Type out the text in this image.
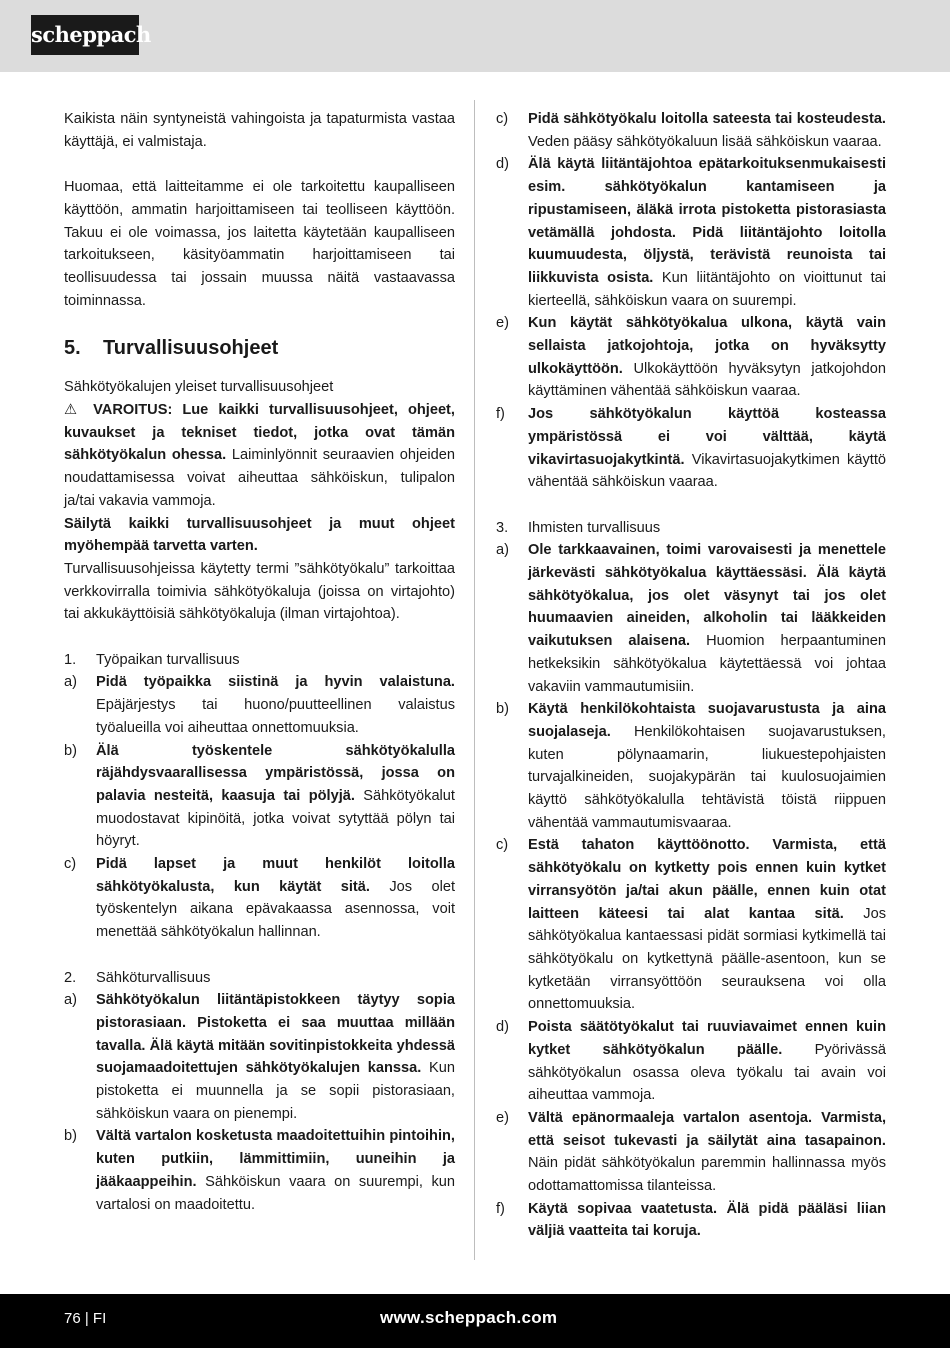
scheppach

Kaikista näin syntyneistä vahingoista ja tapaturmista vastaa käyttäjä, ei valmistaja.

Huomaa, että laitteitamme ei ole tarkoitettu kaupalliseen käyttöön, ammatin harjoittamiseen tai teolliseen käyttöön. Takuu ei ole voimassa, jos laitetta käytetään kaupalliseen tarkoitukseen, käsityöammatin harjoittamiseen tai teollisuudessa tai jossain muussa näitä vastaavassa toiminnassa.

5. Turvallisuusohjeet

Sähkötyökalujen yleiset turvallisuusohjeet

⚠ VAROITUS: Lue kaikki turvallisuusohjeet, ohjeet, kuvaukset ja tekniset tiedot, jotka ovat tämän sähkötyökalun ohessa. Laiminlyönnit seuraavien ohjeiden noudattamisessa voivat aiheuttaa sähköiskun, tulipalon ja/tai vakavia vammoja.

Säilytä kaikki turvallisuusohjeet ja muut ohjeet myöhempää tarvetta varten.

Turvallisuusohjeissa käytetty termi ”sähkötyökalu” tarkoittaa verkkovirralla toimivia sähkötyökaluja (joissa on virtajohto) tai akkukäyttöisiä sähkötyökaluja (ilman virtajohtoa).

1.	Työpaikan turvallisuus
a)	Pidä työpaikka siistinä ja hyvin valaistuna. Epäjärjestys tai huono/puutteellinen valaistus työalueilla voi aiheuttaa onnettomuuksia.
b)	Älä työskentele sähkötyökalulla räjähdysvaarallisessa ympäristössä, jossa on palavia nesteitä, kaasuja tai pölyjä. Sähkötyökalut muodostavat kipinöitä, jotka voivat sytyttää pölyn tai höyryt.
c)	Pidä lapset ja muut henkilöt loitolla sähkötyökalusta, kun käytät sitä. Jos olet työskentelyn aikana epävakaassa asennossa, voit menettää sähkötyökalun hallinnan.
2.	Sähköturvallisuus
a)	Sähkötyökalun liitäntäpistokkeen täytyy sopia pistorasiaan. Pistoketta ei saa muuttaa millään tavalla. Älä käytä mitään sovitinpistokkeita yhdessä suojamaadoitettujen sähkötyökalujen kanssa. Kun pistoketta ei muunnella ja se sopii pistorasiaan, sähköiskun vaara on pienempi.
b)	Vältä vartalon kosketusta maadoitettuihin pintoihin, kuten putkiin, lämmittimiin, uuneihin ja jääkaappeihin. Sähköiskun vaara on suurempi, kun vartalosi on maadoitettu.
c)	Pidä sähkötyökalu loitolla sateesta tai kosteudesta. Veden pääsy sähkötyökaluun lisää sähköiskun vaaraa.
d)	Älä käytä liitäntäjohtoa epätarkoituksenmukaisesti esim. sähkötyökalun kantamiseen ja ripustamiseen, äläkä irrota pistoketta pistorasiasta vetämällä johdosta. Pidä liitäntäjohto loitolla kuumuudesta, öljystä, terävistä reunoista tai liikkuvista osista. Kun liitäntäjohto on vioittunut tai kierteellä, sähköiskun vaara on suurempi.
e)	Kun käytät sähkötyökalua ulkona, käytä vain sellaista jatkojohtoja, jotka on hyväksytty ulkokäyttöön. Ulkokäyttöön hyväksytyn jatkojohdon käyttäminen vähentää sähköiskun vaaraa.
f)	Jos sähkötyökalun käyttöä kosteassa ympäristössä ei voi välttää, käytä vikavirtasuojakytkintä. Vikavirtasuojakytkimen käyttö vähentää sähköiskun vaaraa.
3.	Ihmisten turvallisuus
a)	Ole tarkkaavainen, toimi varovaisesti ja menettele järkevästi sähkötyökalua käyttäessäsi. Älä käytä sähkötyökalua, jos olet väsynyt tai jos olet huumaavien aineiden, alkoholin tai lääkkeiden vaikutuksen alaisena. Huomion herpaantuminen hetkeksikin sähkötyökalua käytettäessä voi johtaa vakaviin vammautumisiin.
b)	Käytä henkilökohtaista suojavarustusta ja aina suojalaseja. Henkilökohtaisen suojavarustuksen, kuten pölynaamarin, liukuestepohjaisten turvajalkineiden, suojakypärän tai kuulosuojaimien käyttö sähkötyökalulla tehtävistä töistä riippuen vähentää vammautumisvaaraa.
c)	Estä tahaton käyttöönotto. Varmista, että sähkötyökalu on kytketty pois ennen kuin kytket virransyötön ja/tai akun päälle, ennen kuin otat laitteen käteesi tai alat kantaa sitä. Jos sähkötyökalua kantaessasi pidät sormiasi kytkimellä tai sähkötyökalu on kytkettynä päälle-asentoon, kun se kytketään virransyöttöön seurauksena voi olla onnettomuuksia.
d)	Poista säätötyökalut tai ruuviavaimet ennen kuin kytket sähkötyökalun päälle. Pyörivässä sähkötyökalun osassa oleva työkalu tai avain voi aiheuttaa vammoja.
e)	Vältä epänormaaleja vartalon asentoja. Varmista, että seisot tukevasti ja säilytät aina tasapainon. Näin pidät sähkötyökalun paremmin hallinnassa myös odottamattomissa tilanteissa.
f)	Käytä sopivaa vaatetusta. Älä pidä pääläsi liian väljiä vaatteita tai koruja.
76 | FI	www.scheppach.com
